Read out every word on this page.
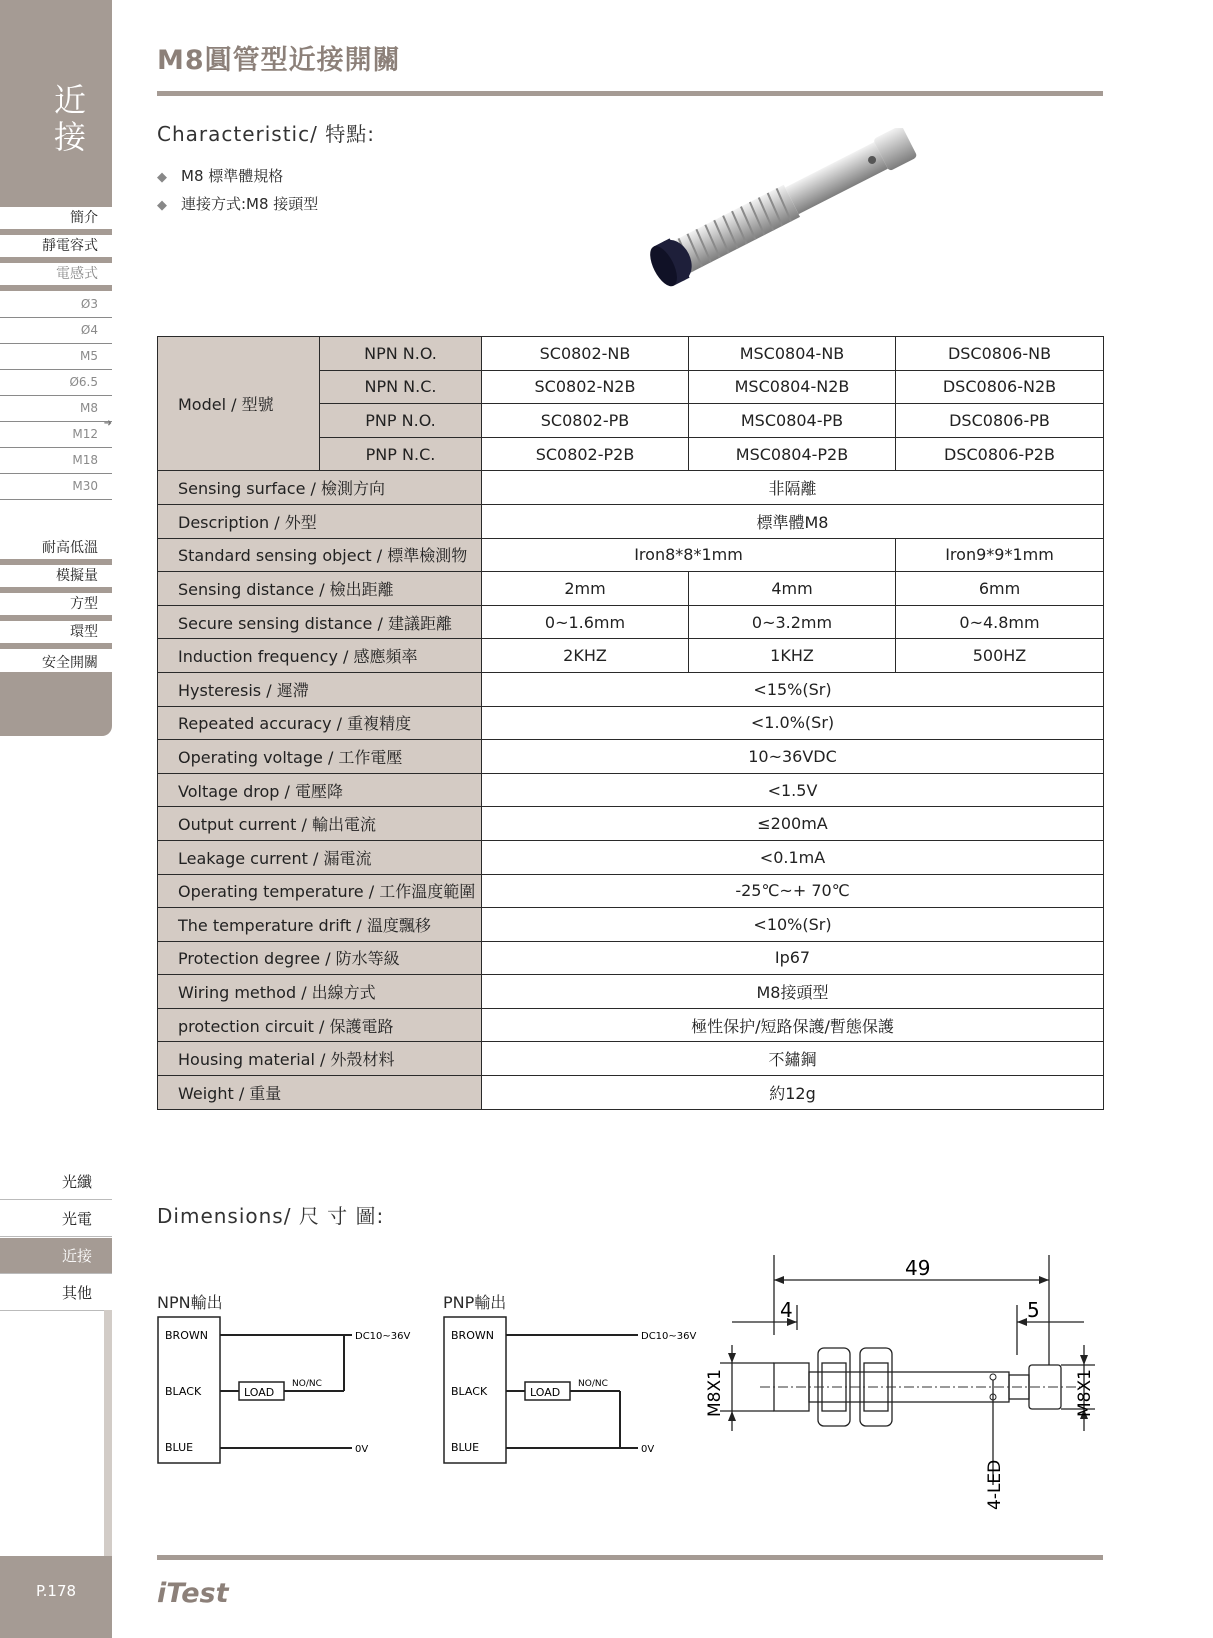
近
接
簡介
靜電容式
電感式
Ø3
Ø4
M5
Ø6.5
M8
➜
M12
M18
M30
耐高低溫
模擬量
方型
環型
安全開關
光纖
光電
近接
其他
P.178
M8圓管型近接開關
Characteristic/ 特點:
◆ M8 標準體規格
◆ 連接方式:M8 接頭型
Model / 型號	NPN N.O.	SC0802-NB	MSC0804-NB	DSC0806-NB
	NPN N.C.	SC0802-N2B	MSC0804-N2B	DSC0806-N2B
	PNP N.O.	SC0802-PB	MSC0804-PB	DSC0806-PB
	PNP N.C.	SC0802-P2B	MSC0804-P2B	DSC0806-P2B
Sensing surface / 檢測方向		非隔離		
Description / 外型		標準體M8		
Standard sensing object / 標準檢測物		Iron8*8*1mm		Iron9*9*1mm
Sensing distance / 檢出距離		2mm	4mm	6mm
Secure sensing distance / 建議距離		0~1.6mm	0~3.2mm	0~4.8mm
Induction frequency / 感應頻率		2KHZ	1KHZ	500HZ
Hysteresis / 遲滯		<15%(Sr)		
Repeated accuracy / 重複精度		<1.0%(Sr)		
Operating voltage / 工作電壓		10~36VDC		
Voltage drop / 電壓降		<1.5V		
Output current / 輸出電流		≤200mA		
Leakage current / 漏電流		<0.1mA		
Operating temperature / 工作溫度範圍		-25℃~+ 70℃		
The temperature drift / 溫度飄移		<10%(Sr)		
Protection degree / 防水等級		Ip67		
Wiring method / 出線方式		M8接頭型		
protection circuit / 保護電路		極性保护/短路保護/暫態保護		
Housing material / 外殼材料		不鏽鋼		
Weight / 重量		約12g		
Dimensions/ 尺 寸 圖:
NPN輸出
BROWN
BLACK
BLUE
LOAD
NO/NC
DC10~36V
0V
PNP輸出
BROWN
BLACK
BLUE
LOAD
NO/NC
DC10~36V
0V
49
4	5
M8X1	M8X1
4-LED
iTest
